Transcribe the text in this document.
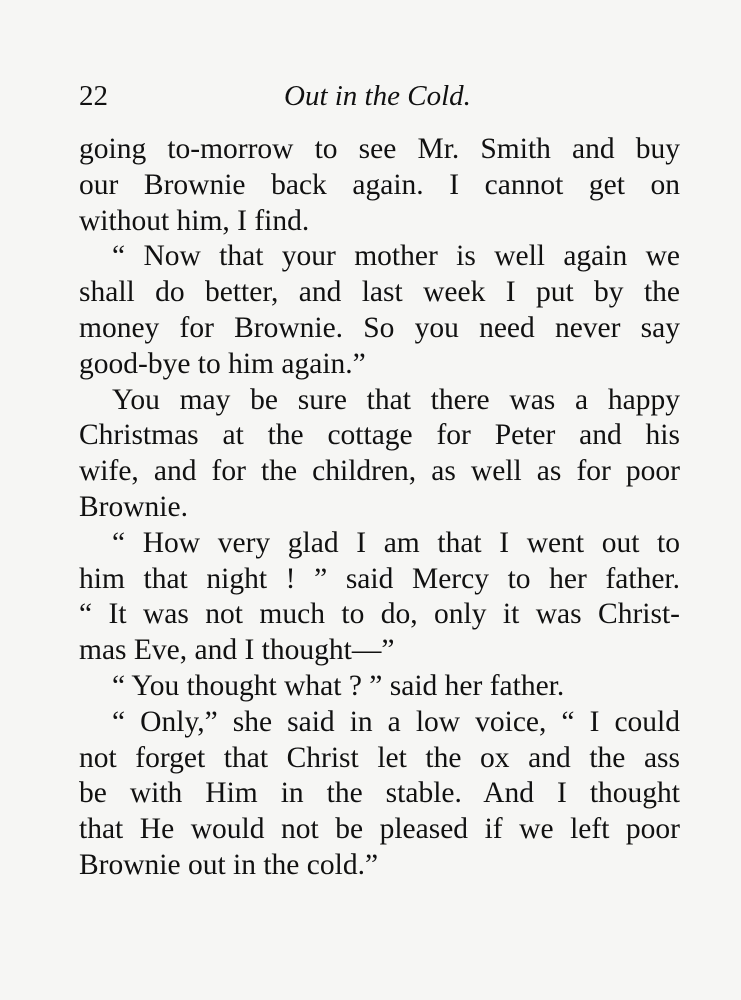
22	Out in the Cold.
going to-morrow to see Mr. Smith and buy
our Brownie back again. I cannot get on
without him, I find.
“ Now that your mother is well again we
shall do better, and last week I put by the
money for Brownie. So you need never say
good-bye to him again.”
You may be sure that there was a happy
Christmas at the cottage for Peter and his
wife, and for the children, as well as for poor
Brownie.
“ How very glad I am that I went out to
him that night ! ” said Mercy to her father.
“ It was not much to do, only it was Christ-
mas Eve, and I thought—”
“ You thought what ? ” said her father.
“ Only,” she said in a low voice, “ I could
not forget that Christ let the ox and the ass
be with Him in the stable. And I thought
that He would not be pleased if we left poor
Brownie out in the cold.”
